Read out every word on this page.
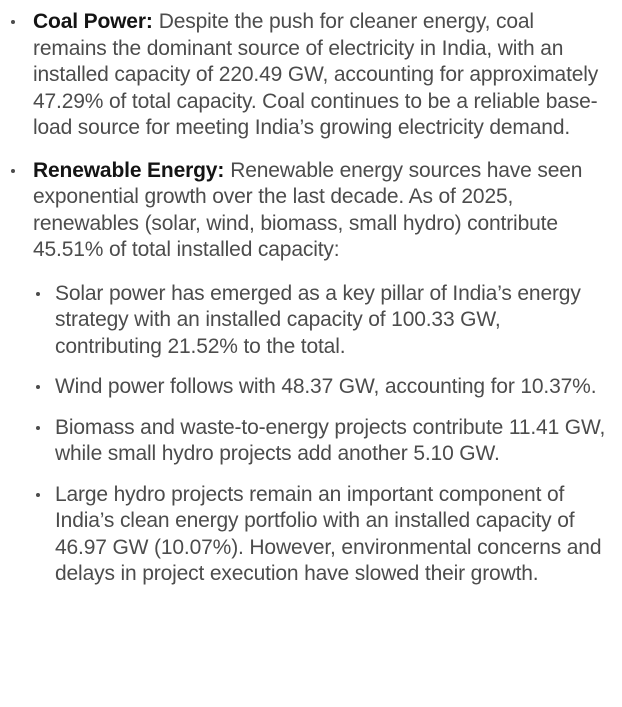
Coal Power: Despite the push for cleaner energy, coal remains the dominant source of electricity in India, with an installed capacity of 220.49 GW, accounting for approximately 47.29% of total capacity. Coal continues to be a reliable base-load source for meeting India’s growing electricity demand.

Renewable Energy: Renewable energy sources have seen exponential growth over the last decade. As of 2025, renewables (solar, wind, biomass, small hydro) contribute 45.51% of total installed capacity:

Solar power has emerged as a key pillar of India’s energy strategy with an installed capacity of 100.33 GW, contributing 21.52% to the total.
Wind power follows with 48.37 GW, accounting for 10.37%.
Biomass and waste-to-energy projects contribute 11.41 GW, while small hydro projects add another 5.10 GW.
Large hydro projects remain an important component of India’s clean energy portfolio with an installed capacity of 46.97 GW (10.07%). However, environmental concerns and delays in project execution have slowed their growth.
